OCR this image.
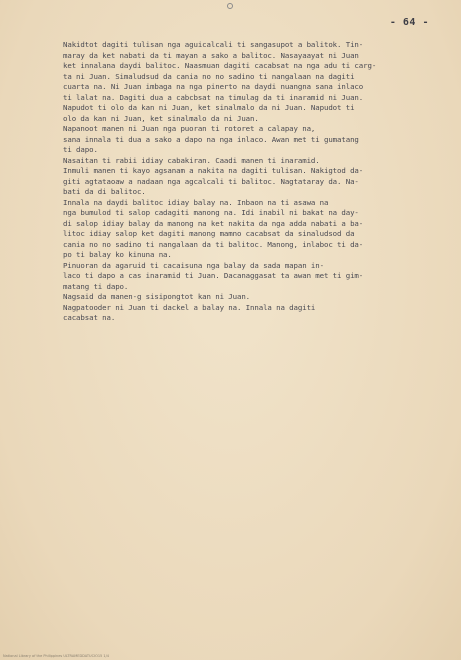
- 64 -
Nakidtot dagiti tulisan nga aguicalcali ti sangasupot a balitok. Tin-
maray da ket nabati da ti mayan a sako a balitoc. Nasayaayat ni Juan
ket innalana daydi balitoc. Naasmuan dagiti cacabsat na nga adu ti carg-
ta ni Juan. Simaludsud da cania no no sadino ti nangalaan na dagiti
cuarta na. Ni Juan imbaga na nga pinerto na daydi nuangna sana inlaco
ti lalat na. Dagiti dua a cabcbsat na timulag da ti inaramid ni Juan.
Napudot ti olo da kan ni Juan, ket sinalmalo da ni Juan. Napudot ti
olo da kan ni Juan, ket sinalmalo da ni Juan.
Napanoot manen ni Juan nga puoran ti rotoret a calapay na,
sana innala ti dua a sako a dapo na nga inlaco. Awan met ti gumatang
ti dapo.
Nasaitan ti rabii idiay cabakiran. Caadi manen ti inaramid.
Inmuli manen ti kayo agsanam a nakita na dagiti tulisan. Nakigtod da-
giti agtataoaw a nadaan nga agcalcali ti balitoc. Nagtataray da. Na-
bati da di balitoc.
Innala na daydi balitoc idiay balay na. Inbaon na ti asawa na
nga bumulod ti salop cadagiti manong na. Idi inabil ni bakat na day-
di salop idiay balay da manong na ket nakita da nga adda nabati a ba-
litoc idiay salop ket dagiti manong mamno cacabsat da sinaludsod da
cania no no sadino ti nangalaan da ti balitoc. Manong, inlaboc ti da-
po ti balay ko kinuna na.
Pinuoran da agaruid ti cacaisuna nga balay da sada mapan in-
laco ti dapo a cas inaramid ti Juan. Dacanaggasat ta awan met ti gim-
matang ti dapo.
Nagsaid da manen-g sisipongtot kan ni Juan.
Nagpatooder ni Juan ti dackel a balay na. Innala na dagiti
cacabsat na.
National Library of the Philippines ULTRAMEDDATUCIO15 1/4
